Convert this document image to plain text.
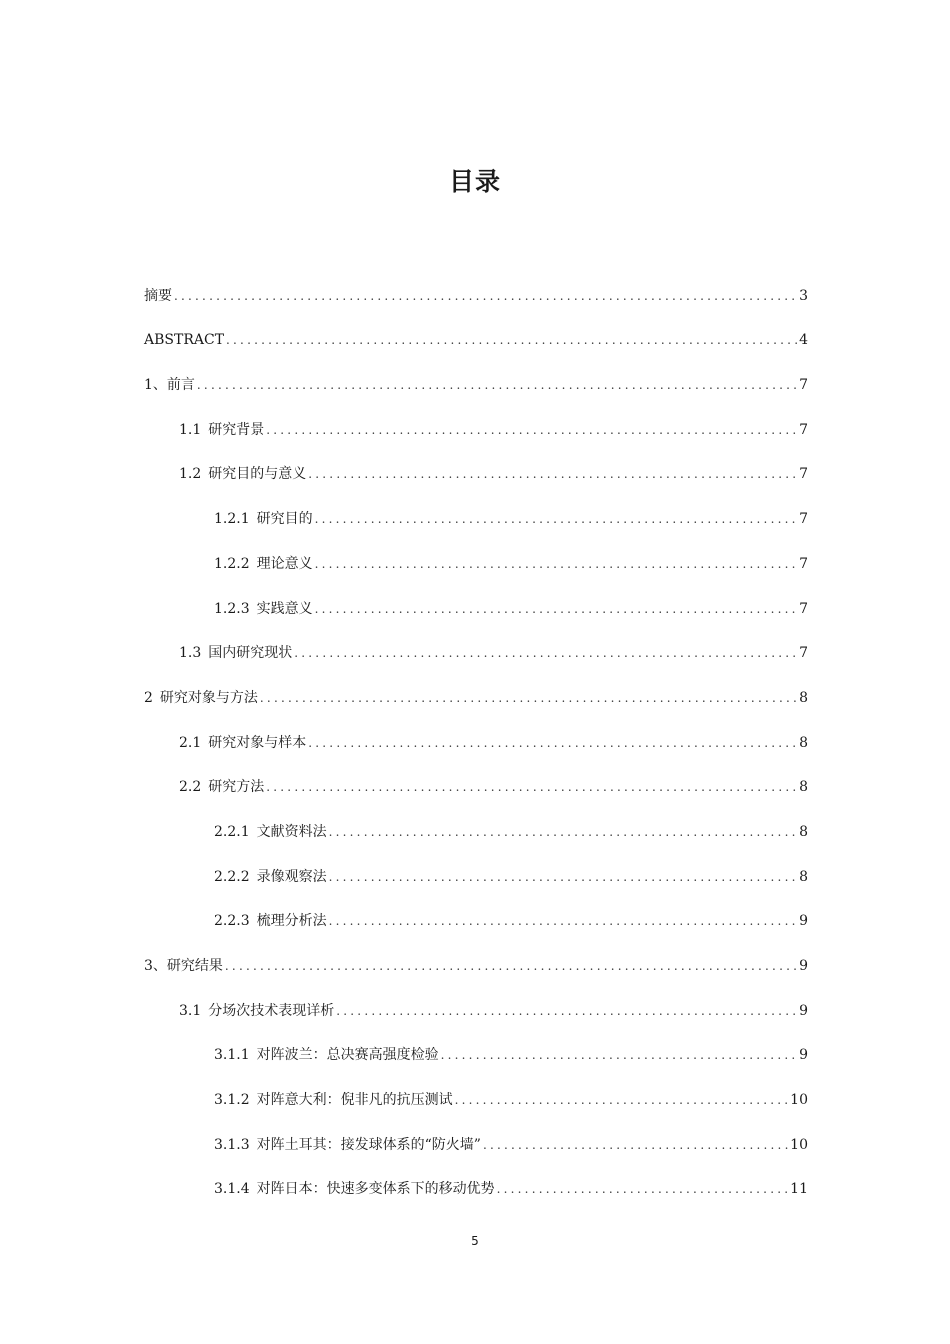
目录
摘要 .....	3
ABSTRACT .....	4
1、前言 .....	7
1.1 研究背景 .....	7
1.2 研究目的与意义 .....	7
1.2.1 研究目的 .....	7
1.2.2 理论意义 .....	7
1.2.3 实践意义 .....	7
1.3 国内研究现状 .....	7
2 研究对象与方法 .....	8
2.1 研究对象与样本 .....	8
2.2 研究方法 .....	8
2.2.1 文献资料法 .....	8
2.2.2 录像观察法 .....	8
2.2.3 梳理分析法 .....	9
3、研究结果 .....	9
3.1 分场次技术表现详析 .....	9
3.1.1 对阵波兰：总决赛高强度检验 .....	9
3.1.2 对阵意大利：倪非凡的抗压测试 .....	10
3.1.3 对阵土耳其：接发球体系的“防火墙” .....	10
3.1.4 对阵日本：快速多变体系下的移动优势 .....	11
5
